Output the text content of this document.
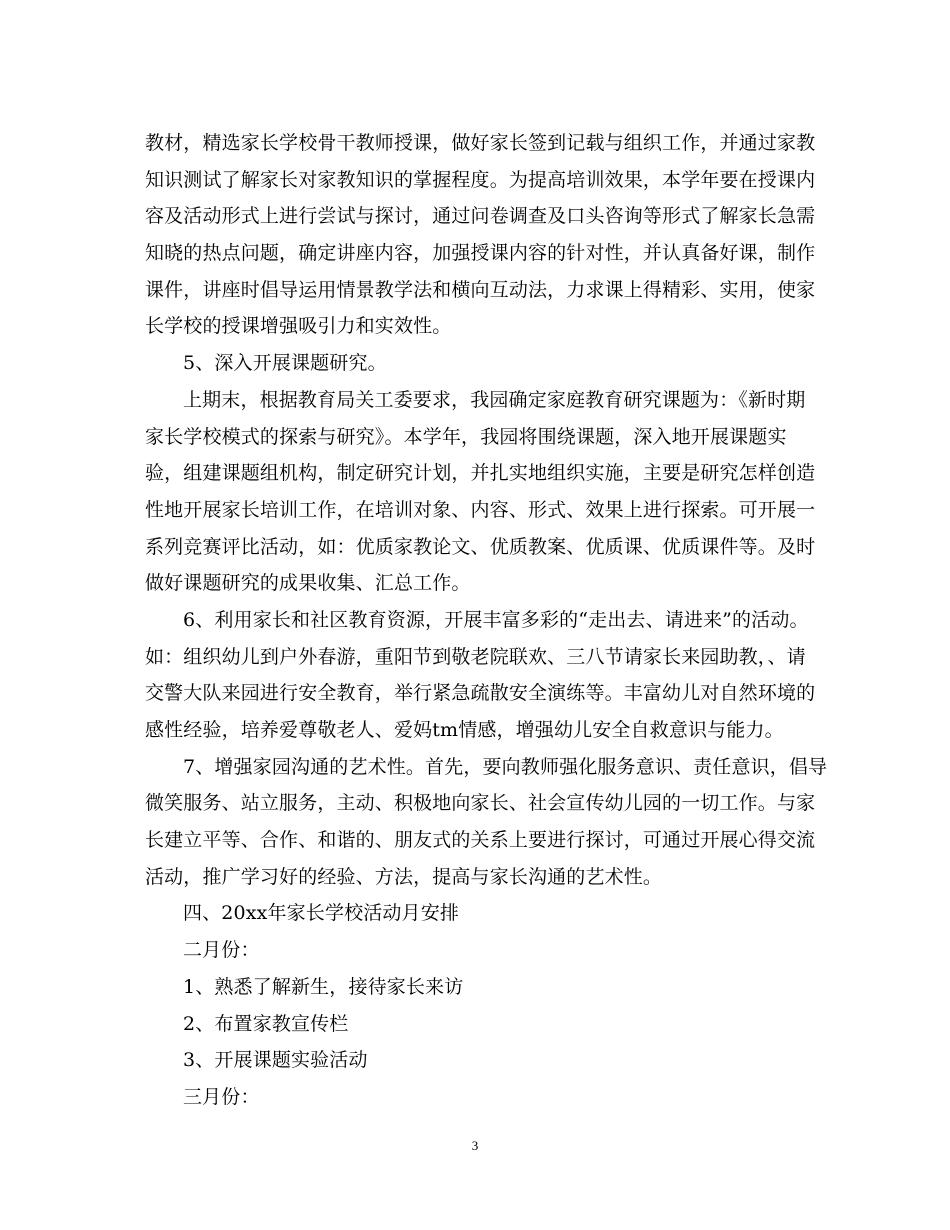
教材，精选家长学校骨干教师授课，做好家长签到记载与组织工作，并通过家教
知识测试了解家长对家教知识的掌握程度。为提高培训效果，本学年要在授课内
容及活动形式上进行尝试与探讨，通过问卷调查及口头咨询等形式了解家长急需
知晓的热点问题，确定讲座内容，加强授课内容的针对性，并认真备好课，制作
课件，讲座时倡导运用情景教学法和横向互动法，力求课上得精彩、实用，使家
长学校的授课增强吸引力和实效性。
5、深入开展课题研究。
上期末，根据教育局关工委要求，我园确定家庭教育研究课题为：《新时期
家长学校模式的探索与研究》。本学年，我园将围绕课题，深入地开展课题实
验，组建课题组机构，制定研究计划，并扎实地组织实施，主要是研究怎样创造
性地开展家长培训工作，在培训对象、内容、形式、效果上进行探索。可开展一
系列竞赛评比活动，如：优质家教论文、优质教案、优质课、优质课件等。及时
做好课题研究的成果收集、汇总工作。
6、利用家长和社区教育资源，开展丰富多彩的“走出去、请进来”的活动。
如：组织幼儿到户外春游，重阳节到敬老院联欢、三八节请家长来园助教，、请
交警大队来园进行安全教育，举行紧急疏散安全演练等。丰富幼儿对自然环境的
感性经验，培养爱尊敬老人、爱妈tm情感，增强幼儿安全自救意识与能力。
7、增强家园沟通的艺术性。首先，要向教师强化服务意识、责任意识，倡导
微笑服务、站立服务，主动、积极地向家长、社会宣传幼儿园的一切工作。与家
长建立平等、合作、和谐的、朋友式的关系上要进行探讨，可通过开展心得交流
活动，推广学习好的经验、方法，提高与家长沟通的艺术性。
四、20xx年家长学校活动月安排
二月份：
1、熟悉了解新生，接待家长来访
2、布置家教宣传栏
3、开展课题实验活动
三月份：
3
